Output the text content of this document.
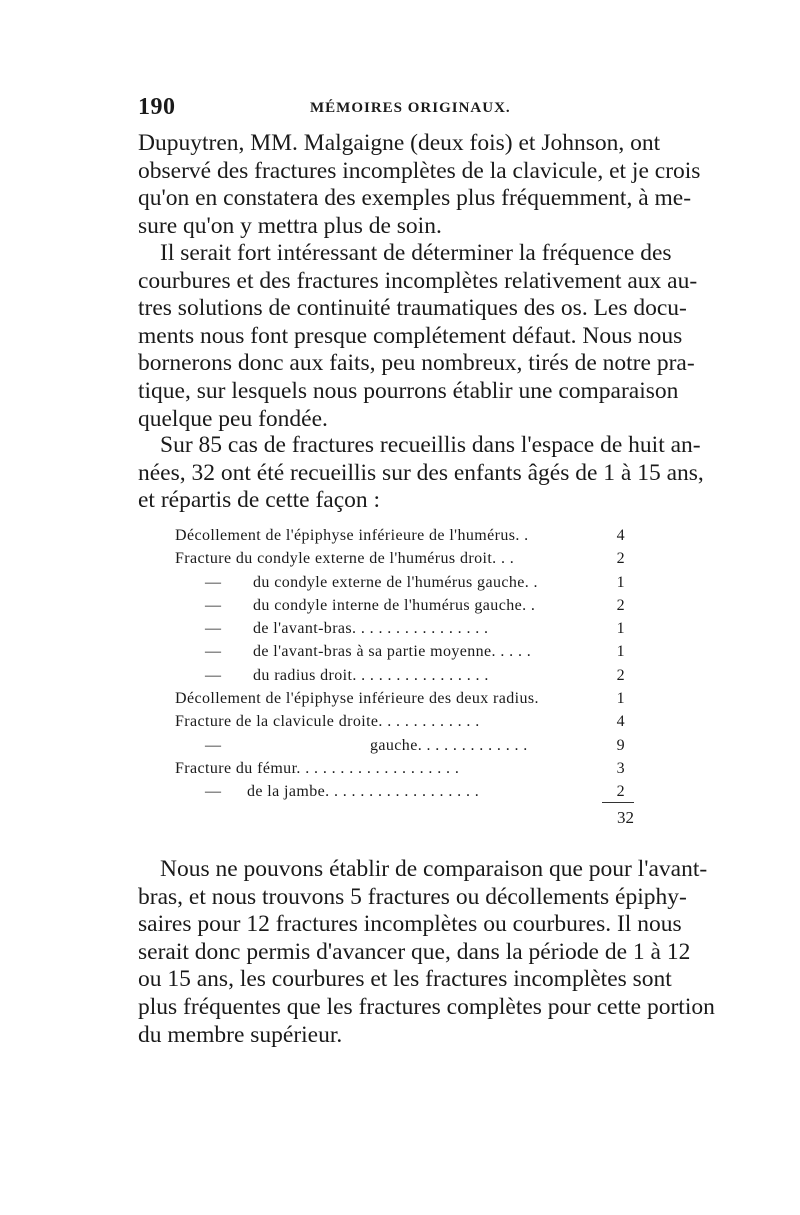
190	MÉMOIRES ORIGINAUX.

Dupuytren, MM. Malgaigne (deux fois) et Johnson, ont
observé des fractures incomplètes de la clavicule, et je crois
qu'on en constatera des exemples plus fréquemment, à me-
sure qu'on y mettra plus de soin.

Il serait fort intéressant de déterminer la fréquence des
courbures et des fractures incomplètes relativement aux au-
tres solutions de continuité traumatiques des os. Les docu-
ments nous font presque complétement défaut. Nous nous
bornerons donc aux faits, peu nombreux, tirés de notre pra-
tique, sur lesquels nous pourrons établir une comparaison
quelque peu fondée.

Sur 85 cas de fractures recueillis dans l'espace de huit an-
nées, 32 ont été recueillis sur des enfants âgés de 1 à 15 ans,
et répartis de cette façon :

Décollement de l'épiphyse inférieure de l'humérus. .	4
Fracture du condyle externe de l'humérus droit. . .	2
— du condyle externe de l'humérus gauche. .	1
— du condyle interne de l'humérus gauche. .	2
— de l'avant-bras. . . . . . . . . . . . . . . .	1
— de l'avant-bras à sa partie moyenne. . . . .	1
— du radius droit. . . . . . . . . . . . . . . .	2
Décollement de l'épiphyse inférieure des deux radius.	1
Fracture de la clavicule droite. . . . . . . . . . . .	4
—	gauche. . . . . . . . . . . . .	9
Fracture du fémur. . . . . . . . . . . . . . . . . . .	3
— de la jambe. . . . . . . . . . . . . . . . . .	2
32

Nous ne pouvons établir de comparaison que pour l'avant-
bras, et nous trouvons 5 fractures ou décollements épiphy-
saires pour 12 fractures incomplètes ou courbures. Il nous
serait donc permis d'avancer que, dans la période de 1 à 12
ou 15 ans, les courbures et les fractures incomplètes sont
plus fréquentes que les fractures complètes pour cette portion
du membre supérieur.
